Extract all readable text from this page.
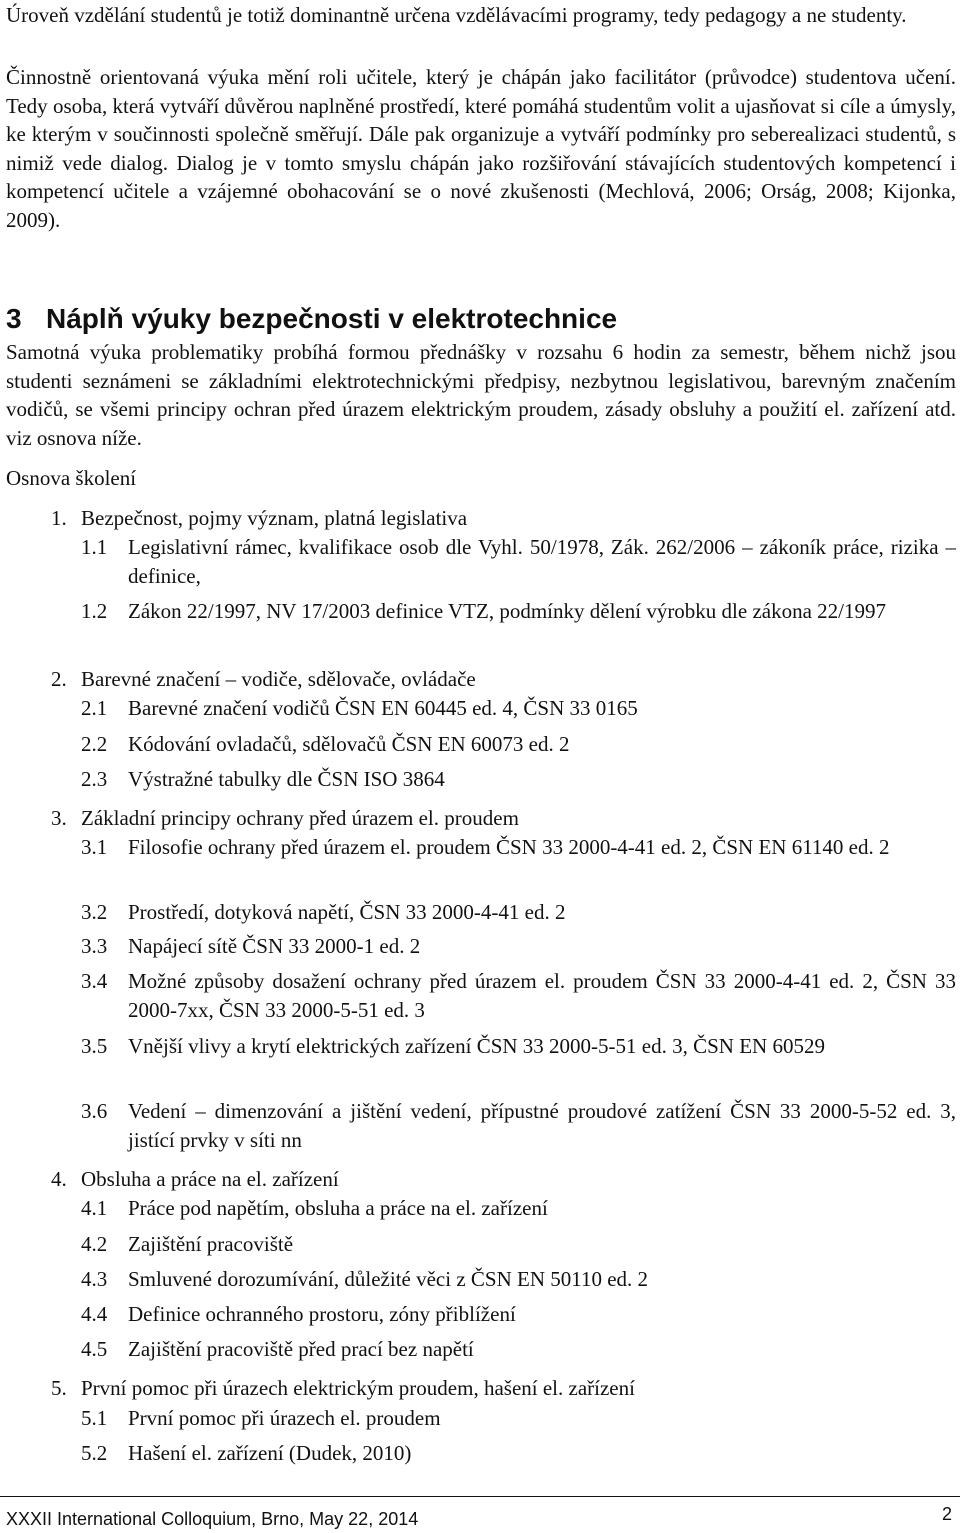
Úroveň vzdělání studentů je totiž dominantně určena vzdělávacími programy, tedy pedagogy a ne studenty.

Činnostně orientovaná výuka mění roli učitele, který je chápán jako facilitátor (průvodce) studentova učení. Tedy osoba, která vytváří důvěrou naplněné prostředí, které pomáhá studentům volit a ujasňovat si cíle a úmysly, ke kterým v součinnosti společně směřují. Dále pak organizuje a vytváří podmínky pro seberealizaci studentů, s nimiž vede dialog. Dialog je v tomto smyslu chápán jako rozšiřování stávajících studentových kompetencí i kompetencí učitele a vzájemné obohacování se o nové zkušenosti (Mechlová, 2006; Orság, 2008; Kijonka, 2009).

3 Náplň výuky bezpečnosti v elektrotechnice

Samotná výuka problematiky probíhá formou přednášky v rozsahu 6 hodin za semestr, během nichž jsou studenti seznámeni se základními elektrotechnickými předpisy, nezbytnou legislativou, barevným značením vodičů, se všemi principy ochran před úrazem elektrickým proudem, zásady obsluhy a použití el. zařízení atd. viz osnova níže.

Osnova školení
1. Bezpečnost, pojmy význam, platná legislativa
1.1 Legislativní rámec, kvalifikace osob dle Vyhl. 50/1978, Zák. 262/2006 – zákoník práce, rizika – definice,
1.2 Zákon 22/1997, NV 17/2003 definice VTZ, podmínky dělení výrobku dle zákona 22/1997
2. Barevné značení – vodiče, sdělovače, ovládače
2.1 Barevné značení vodičů ČSN EN 60445 ed. 4, ČSN 33 0165
2.2 Kódování ovladačů, sdělovačů ČSN EN 60073 ed. 2
2.3 Výstražné tabulky dle ČSN ISO 3864
3. Základní principy ochrany před úrazem el. proudem
3.1 Filosofie ochrany před úrazem el. proudem ČSN 33 2000-4-41 ed. 2, ČSN EN 61140 ed. 2
3.2 Prostředí, dotyková napětí, ČSN 33 2000-4-41 ed. 2
3.3 Napájecí sítě ČSN 33 2000-1 ed. 2
3.4 Možné způsoby dosažení ochrany před úrazem el. proudem ČSN 33 2000-4-41 ed. 2, ČSN 33 2000-7xx, ČSN 33 2000-5-51 ed. 3
3.5 Vnější vlivy a krytí elektrických zařízení ČSN 33 2000-5-51 ed. 3, ČSN EN 60529
3.6 Vedení – dimenzování a jištění vedení, přípustné proudové zatížení ČSN 33 2000-5-52 ed. 3, jistící prvky v síti nn
4. Obsluha a práce na el. zařízení
4.1 Práce pod napětím, obsluha a práce na el. zařízení
4.2 Zajištění pracoviště
4.3 Smluvené dorozumívání, důležité věci z ČSN EN 50110 ed. 2
4.4 Definice ochranného prostoru, zóny přiblížení
4.5 Zajištění pracoviště před prací bez napětí
5. První pomoc při úrazech elektrickým proudem, hašení el. zařízení
5.1 První pomoc při úrazech el. proudem
5.2 Hašení el. zařízení (Dudek, 2010)
XXXII International Colloquium, Brno, May 22, 2014	2
